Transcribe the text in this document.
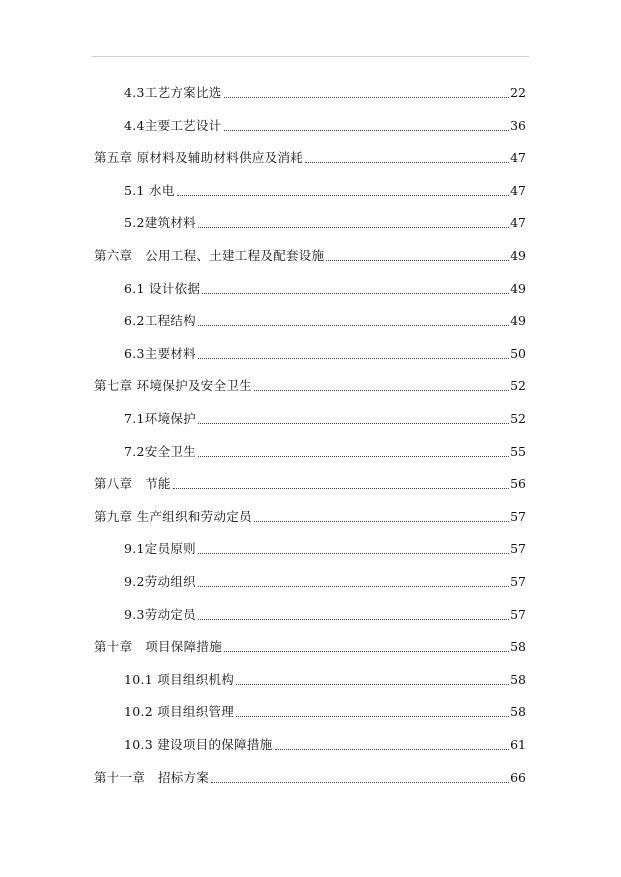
4.3工艺方案比选	22
4.4主要工艺设计	36
第五章 原材料及辅助材料供应及消耗	47
5.1 水电	47
5.2建筑材料	47
第六章　公用工程、土建工程及配套设施	49
6.1 设计依据	49
6.2工程结构	49
6.3主要材料	50
第七章 环境保护及安全卫生	52
7.1环境保护	52
7.2安全卫生	55
第八章　节能	56
第九章 生产组织和劳动定员	57
9.1定员原则	57
9.2劳动组织	57
9.3劳动定员	57
第十章　项目保障措施	58
10.1 项目组织机构	58
10.2 项目组织管理	58
10.3 建设项目的保障措施	61
第十一章　招标方案	66
